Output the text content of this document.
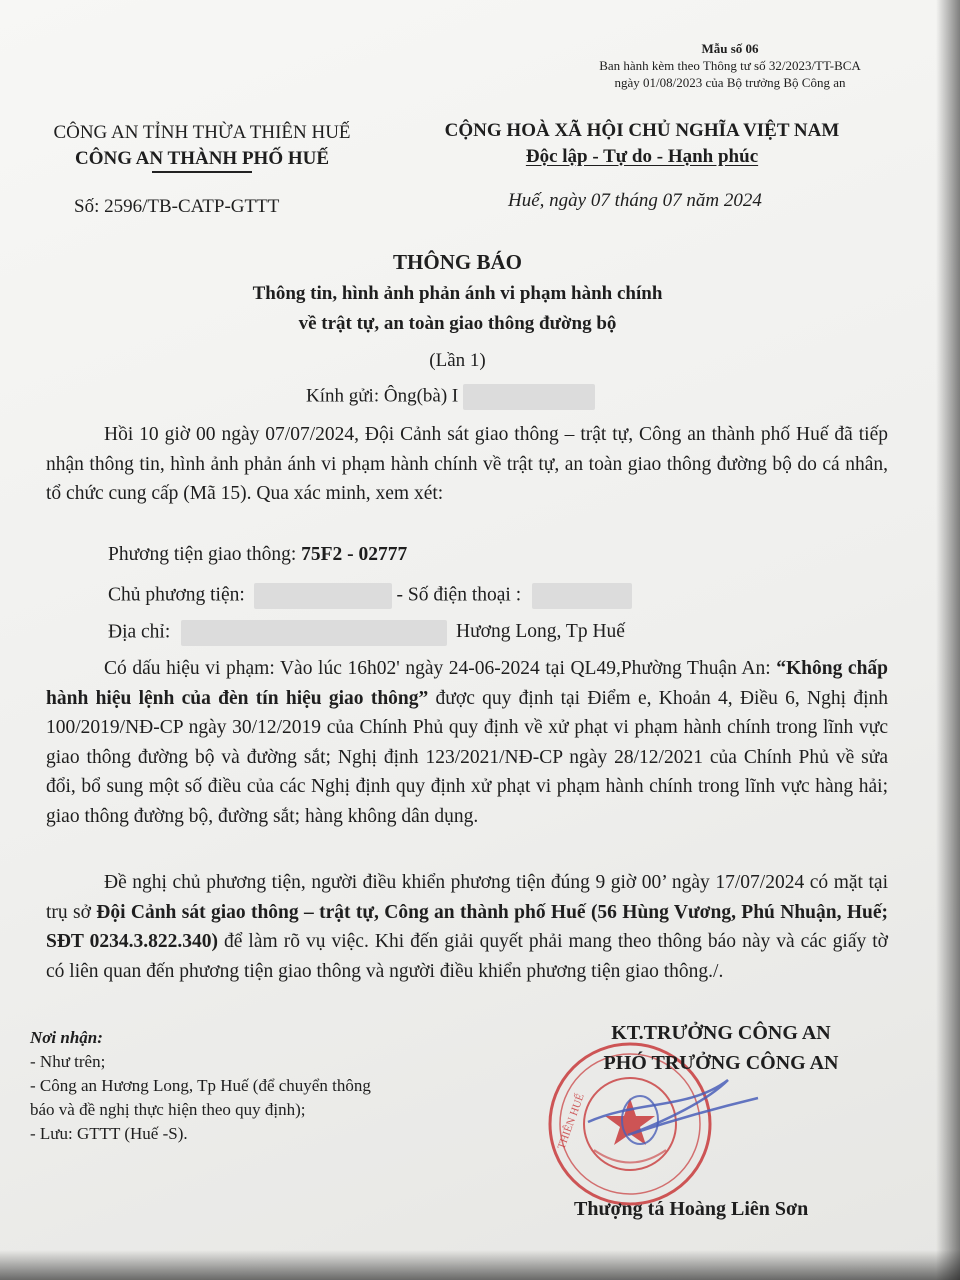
Mẫu số 06
Ban hành kèm theo Thông tư số 32/2023/TT-BCA
ngày 01/08/2023 của Bộ trưởng Bộ Công an
CÔNG AN TỈNH THỪA THIÊN HUẾ
CÔNG AN THÀNH PHỐ HUẾ
CỘNG HOÀ XÃ HỘI CHỦ NGHĨA VIỆT NAM
Độc lập - Tự do - Hạnh phúc
Số: 2596/TB-CATP-GTTT	Huế, ngày 07 tháng 07 năm 2024
THÔNG BÁO
Thông tin, hình ảnh phản ánh vi phạm hành chính
về trật tự, an toàn giao thông đường bộ
(Lần 1)
Kính gửi: Ông(bà) I
Hồi 10 giờ 00 ngày 07/07/2024, Đội Cảnh sát giao thông – trật tự, Công an thành phố Huế đã tiếp nhận thông tin, hình ảnh phản ánh vi phạm hành chính về trật tự, an toàn giao thông đường bộ do cá nhân, tổ chức cung cấp (Mã 15). Qua xác minh, xem xét:
Phương tiện giao thông: 75F2 - 02777
Chủ phương tiện:	- Số điện thoại :
Địa chỉ:	Hương Long, Tp Huế
Có dấu hiệu vi phạm: Vào lúc 16h02' ngày 24-06-2024 tại QL49,Phường Thuận An: “Không chấp hành hiệu lệnh của đèn tín hiệu giao thông” được quy định tại Điểm e, Khoản 4, Điều 6, Nghị định 100/2019/NĐ-CP ngày 30/12/2019 của Chính Phủ quy định về xử phạt vi phạm hành chính trong lĩnh vực giao thông đường bộ và đường sắt; Nghị định 123/2021/NĐ-CP ngày 28/12/2021 của Chính Phủ về sửa đổi, bổ sung một số điều của các Nghị định quy định xử phạt vi phạm hành chính trong lĩnh vực hàng hải; giao thông đường bộ, đường sắt; hàng không dân dụng.
Đề nghị chủ phương tiện, người điều khiển phương tiện đúng 9 giờ 00’ ngày 17/07/2024 có mặt tại trụ sở Đội Cảnh sát giao thông – trật tự, Công an thành phố Huế (56 Hùng Vương, Phú Nhuận, Huế; SĐT 0234.3.822.340) để làm rõ vụ việc. Khi đến giải quyết phải mang theo thông báo này và các giấy tờ có liên quan đến phương tiện giao thông và người điều khiển phương tiện giao thông./.
Nơi nhận:
- Như trên;
- Công an Hương Long, Tp Huế (để chuyển thông
báo và đề nghị thực hiện theo quy định);
- Lưu: GTTT (Huế -S).	THIÊN HUẾ
KT.TRƯỞNG CÔNG AN
PHÓ TRƯỞNG CÔNG AN
Thượng tá Hoàng Liên Sơn
